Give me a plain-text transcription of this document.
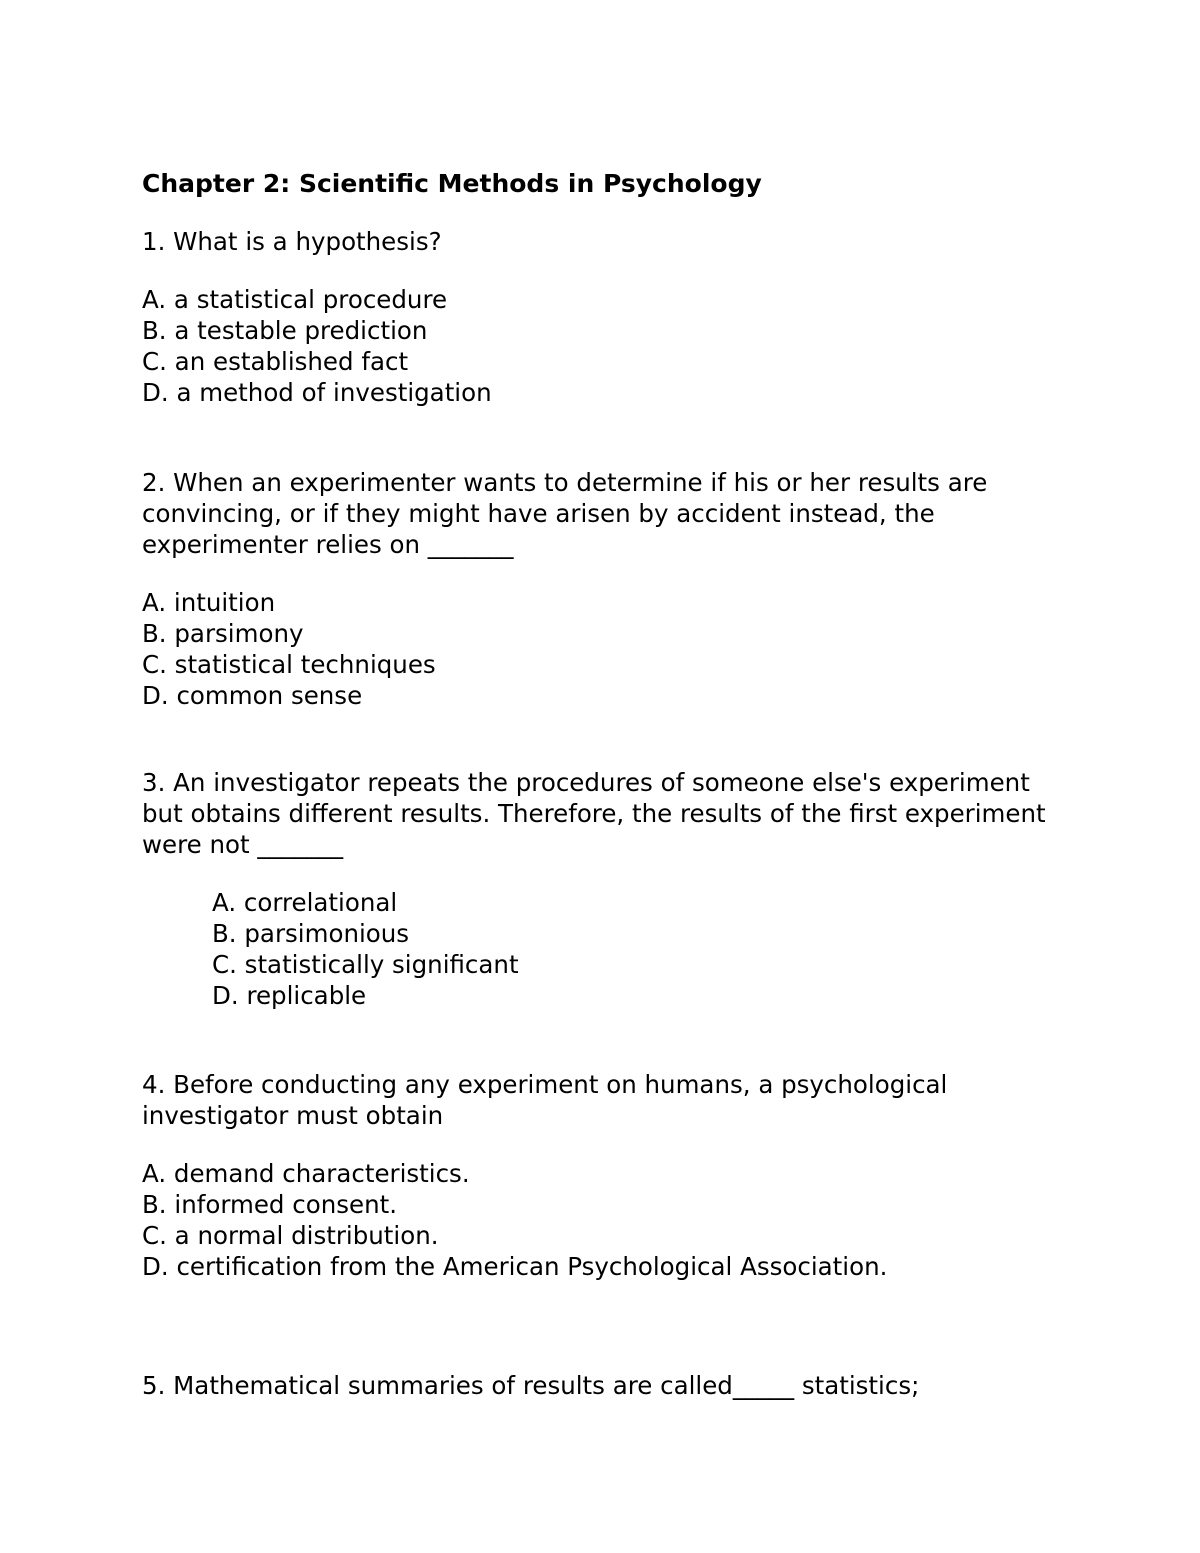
Chapter 2: Scientific Methods in Psychology

1. What is a hypothesis?

A. a statistical procedure
B. a testable prediction
C. an established fact
D. a method of investigation

2. When an experimenter wants to determine if his or her results are convincing, or if they might have arisen by accident instead, the experimenter relies on _______

A. intuition
B. parsimony
C. statistical techniques
D. common sense

3. An investigator repeats the procedures of someone else's experiment but obtains different results. Therefore, the results of the first experiment were not _______

A. correlational
B. parsimonious
C. statistically significant
D. replicable

4. Before conducting any experiment on humans, a psychological investigator must obtain

A. demand characteristics.
B. informed consent.
C. a normal distribution.
D. certification from the American Psychological Association.

5. Mathematical summaries of results are called_____ statistics;
